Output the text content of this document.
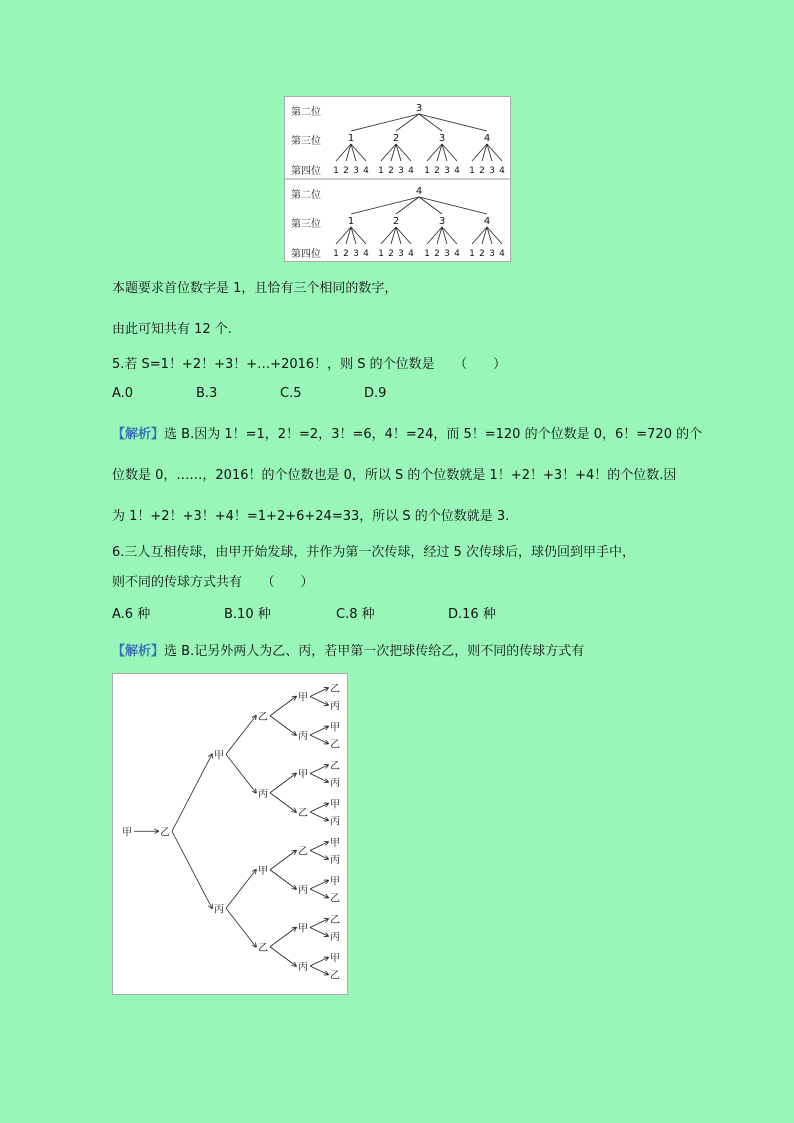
第二位
第三位
第四位
3
1
1 2 3 4
2
1 2 3 4
3
1 2 3 4
4
1 2 3 4
第二位
第三位
第四位
4
1
1 2 3 4
2
1 2 3 4
3
1 2 3 4
4
1 2 3 4
本题要求首位数字是 1，且恰有三个相同的数字，
由此可知共有 12 个.
5.若 S=1！+2！+3！+…+2016！，则 S 的个位数是　　（　　）
A.0	B.3	C.5	D.9
【解析】选 B.因为 1！=1，2！=2，3！=6，4！=24，而 5！=120 的个位数是 0，6！=720 的个
位数是 0，……，2016！的个位数也是 0，所以 S 的个位数就是 1！+2！+3！+4！的个位数.因
为 1！+2！+3！+4！=1+2+6+24=33，所以 S 的个位数就是 3.
6.三人互相传球，由甲开始发球，并作为第一次传球，经过 5 次传球后，球仍回到甲手中，
则不同的传球方式共有　　（　　）
A.6 种	B.10 种	C.8 种	D.16 种
【解析】选 B.记另外两人为乙、丙，若甲第一次把球传给乙，则不同的传球方式有
甲	乙
甲
丙
乙
丙
甲
乙
甲
丙
甲
乙
乙
丙
甲
丙
乙
丙
甲
乙
乙
丙
甲
丙
甲
丙
甲
乙
乙
丙
甲
乙
